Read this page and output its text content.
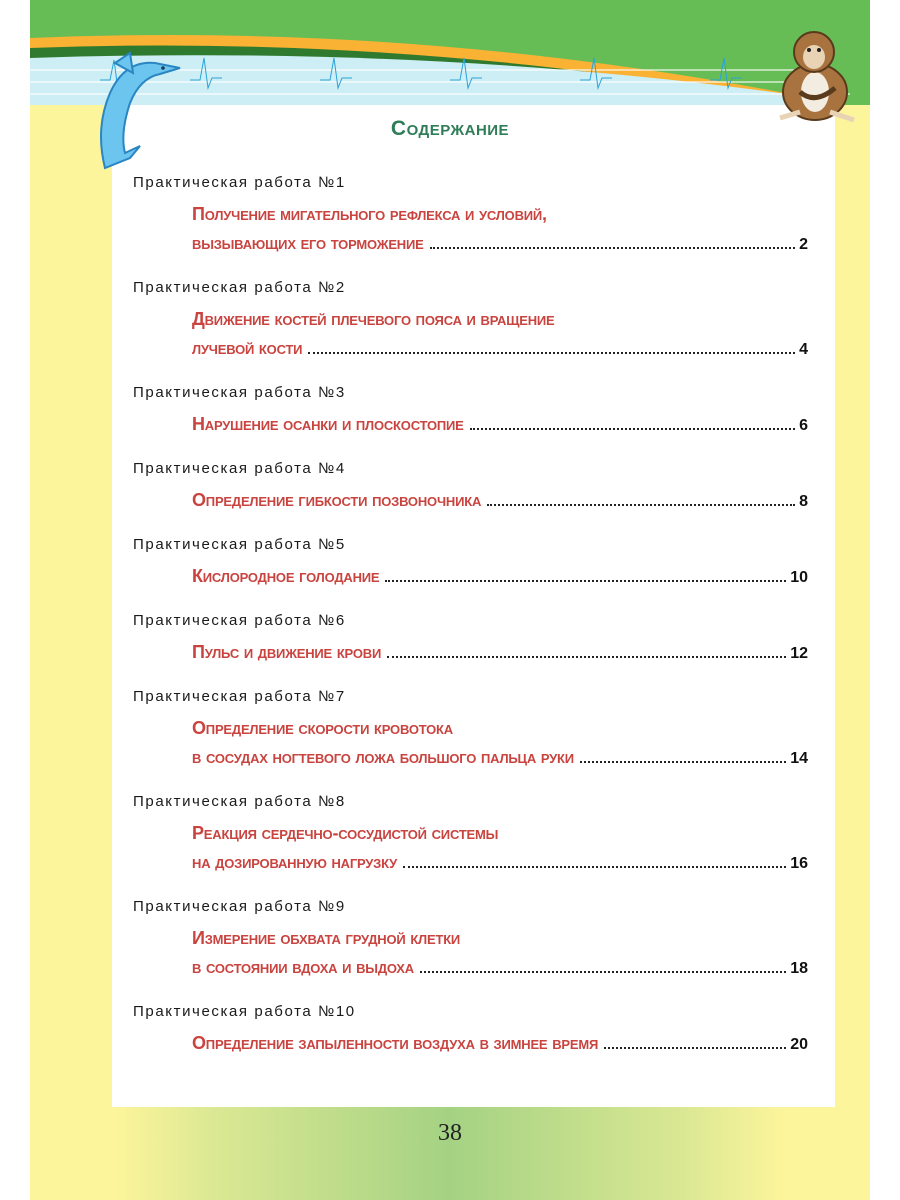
Содержание
Практическая работа №1
Получение мигательного рефлекса и условий,
вызывающих его торможение	2
Практическая работа №2
Движение костей плечевого пояса и вращение
лучевой кости	4
Практическая работа №3
Нарушение осанки и плоскостопие	6
Практическая работа №4
Определение гибкости позвоночника	8
Практическая работа №5
Кислородное голодание	10
Практическая работа №6
Пульс и движение крови	12
Практическая работа №7
Определение скорости кровотока
в сосудах ногтевого ложа большого пальца руки	14
Практическая работа №8
Реакция сердечно-сосудистой системы
на дозированную нагрузку	16
Практическая работа №9
Измерение обхвата грудной клетки
в состоянии вдоха и выдоха	18
Практическая работа №10
Определение запыленности воздуха в зимнее время	20
38
